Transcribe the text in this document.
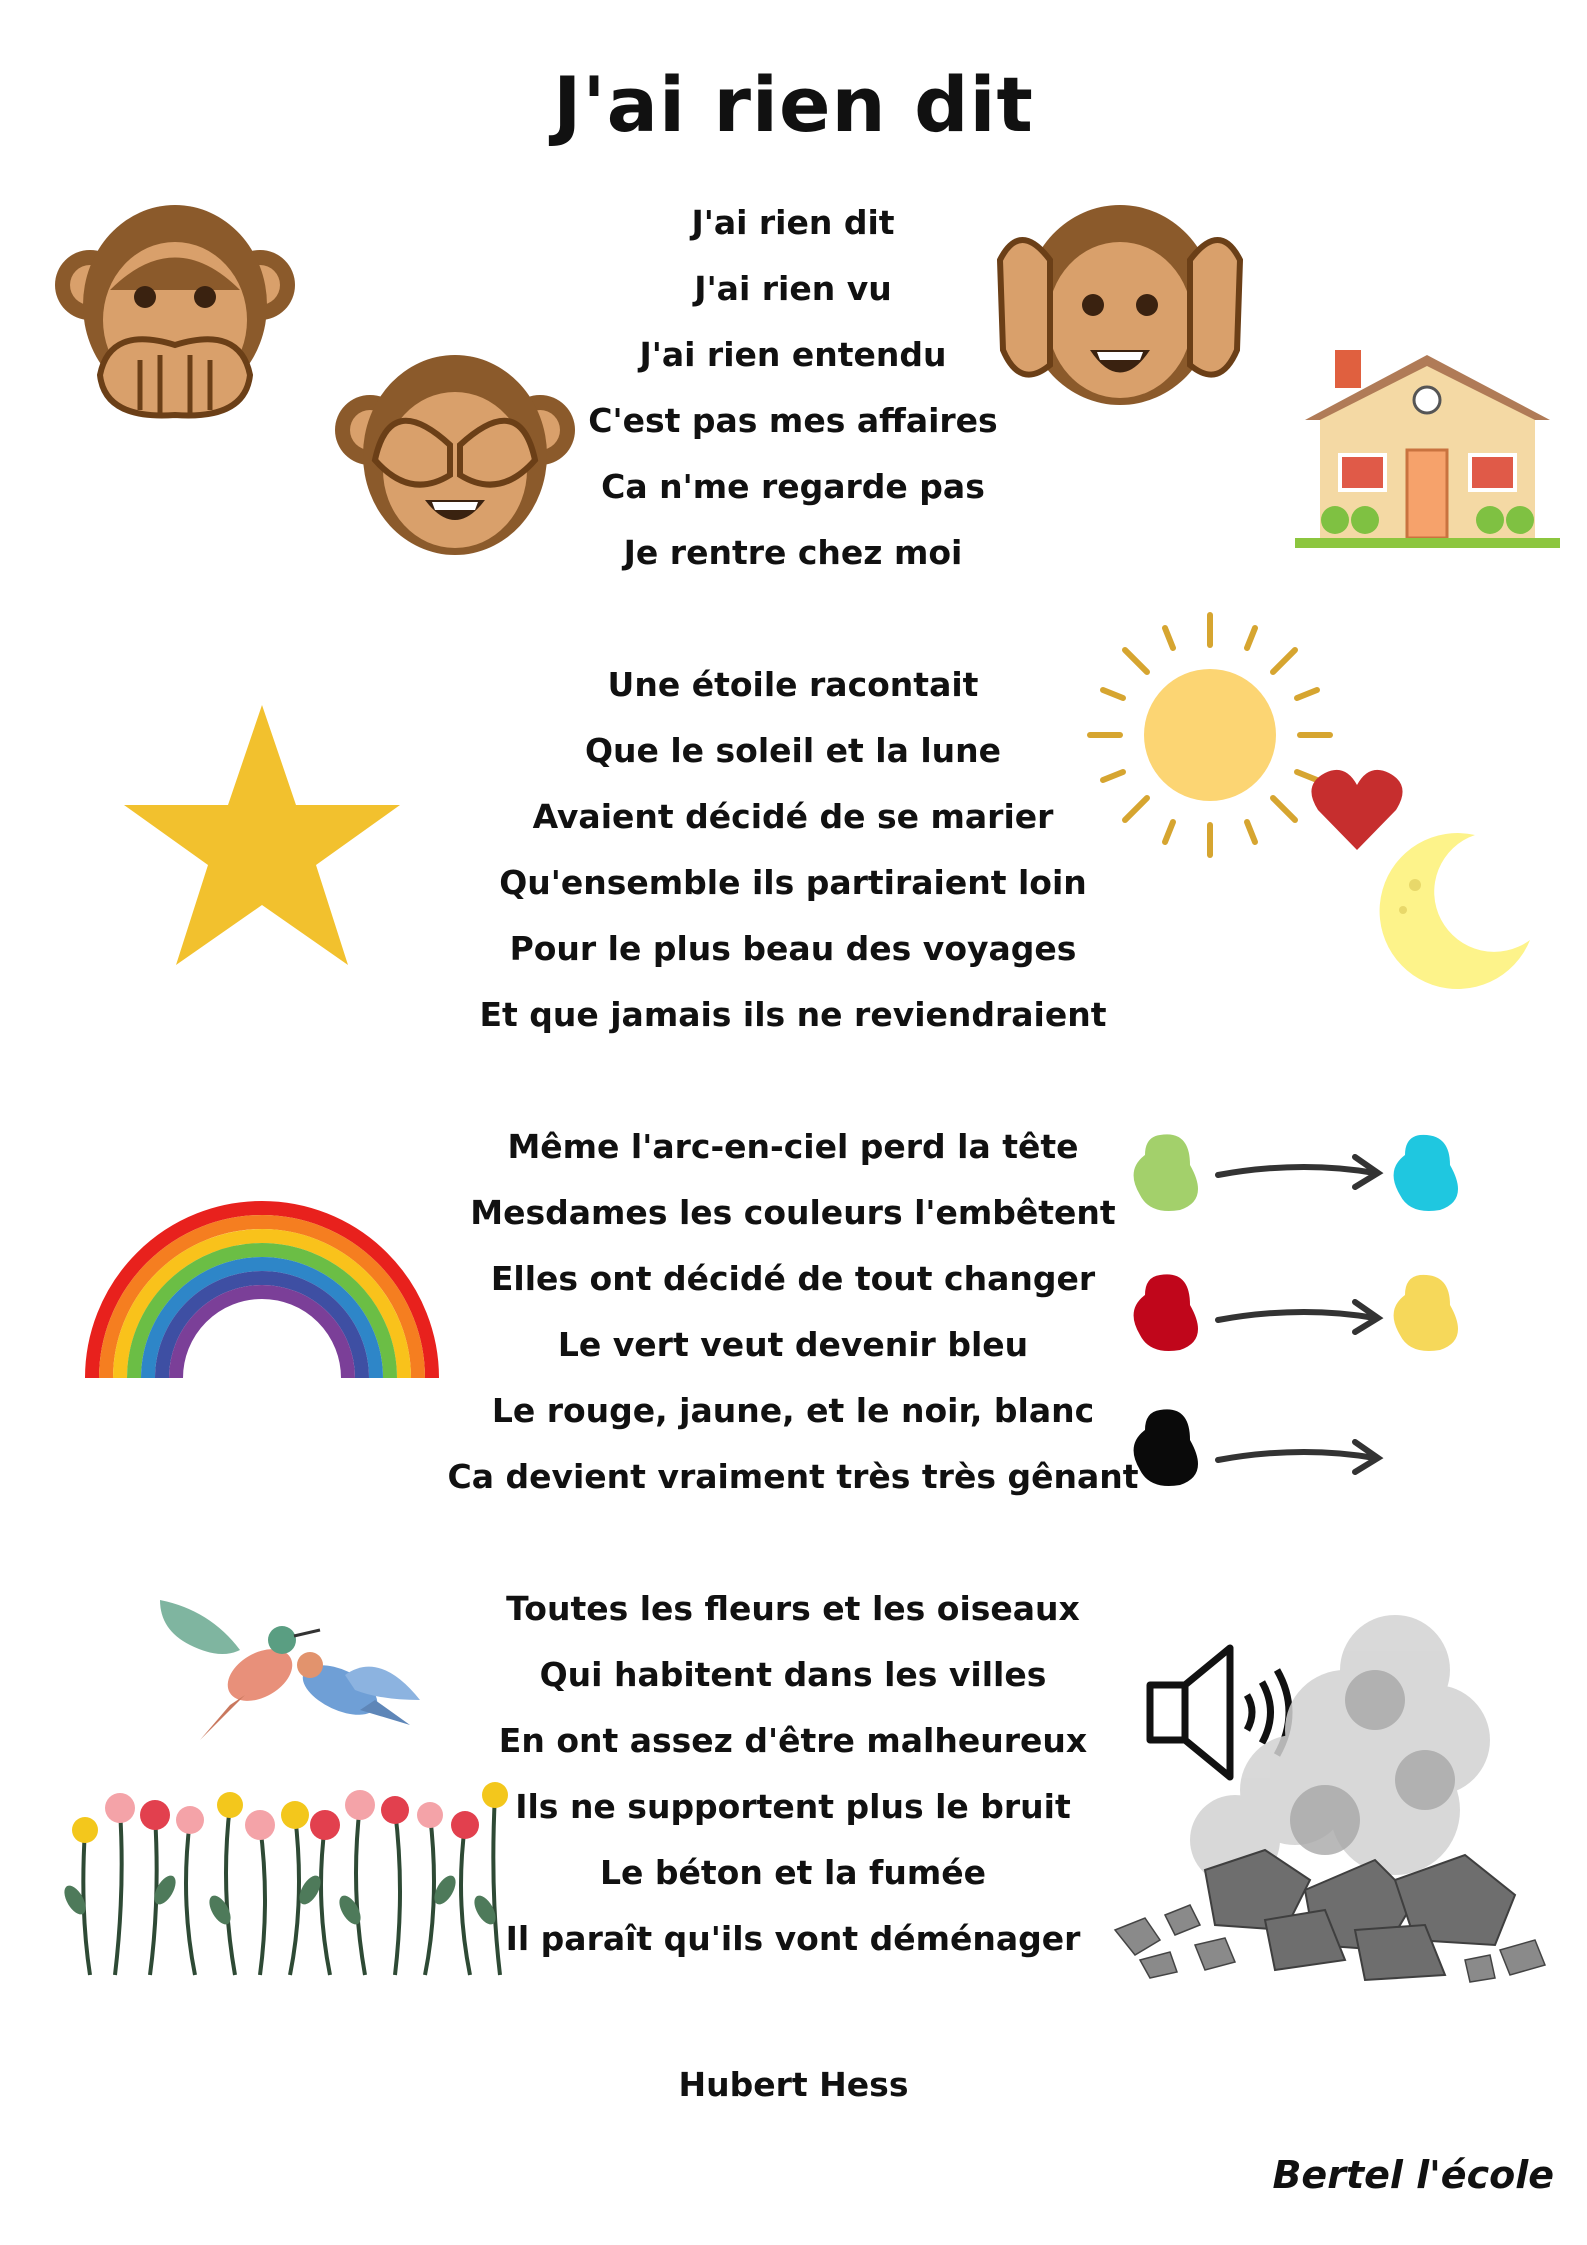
J'ai rien dit
J'ai rien dit
J'ai rien vu
J'ai rien entendu
C'est pas mes affaires
Ca n'me regarde pas
Je rentre chez moi
Une étoile racontait
Que le soleil et la lune
Avaient décidé de se marier
Qu'ensemble ils partiraient loin
Pour le plus beau des voyages
Et que jamais ils ne reviendraient
Même l'arc-en-ciel perd la tête
Mesdames les couleurs l'embêtent
Elles ont décidé de tout changer
Le vert veut devenir bleu
Le rouge, jaune, et le noir, blanc
Ca devient vraiment très très gênant
Toutes les fleurs et les oiseaux
Qui habitent dans les villes
En ont assez d'être malheureux
Ils ne supportent plus le bruit
Le béton et la fumée
Il paraît qu'ils vont déménager
Hubert Hess
Bertel l'école
